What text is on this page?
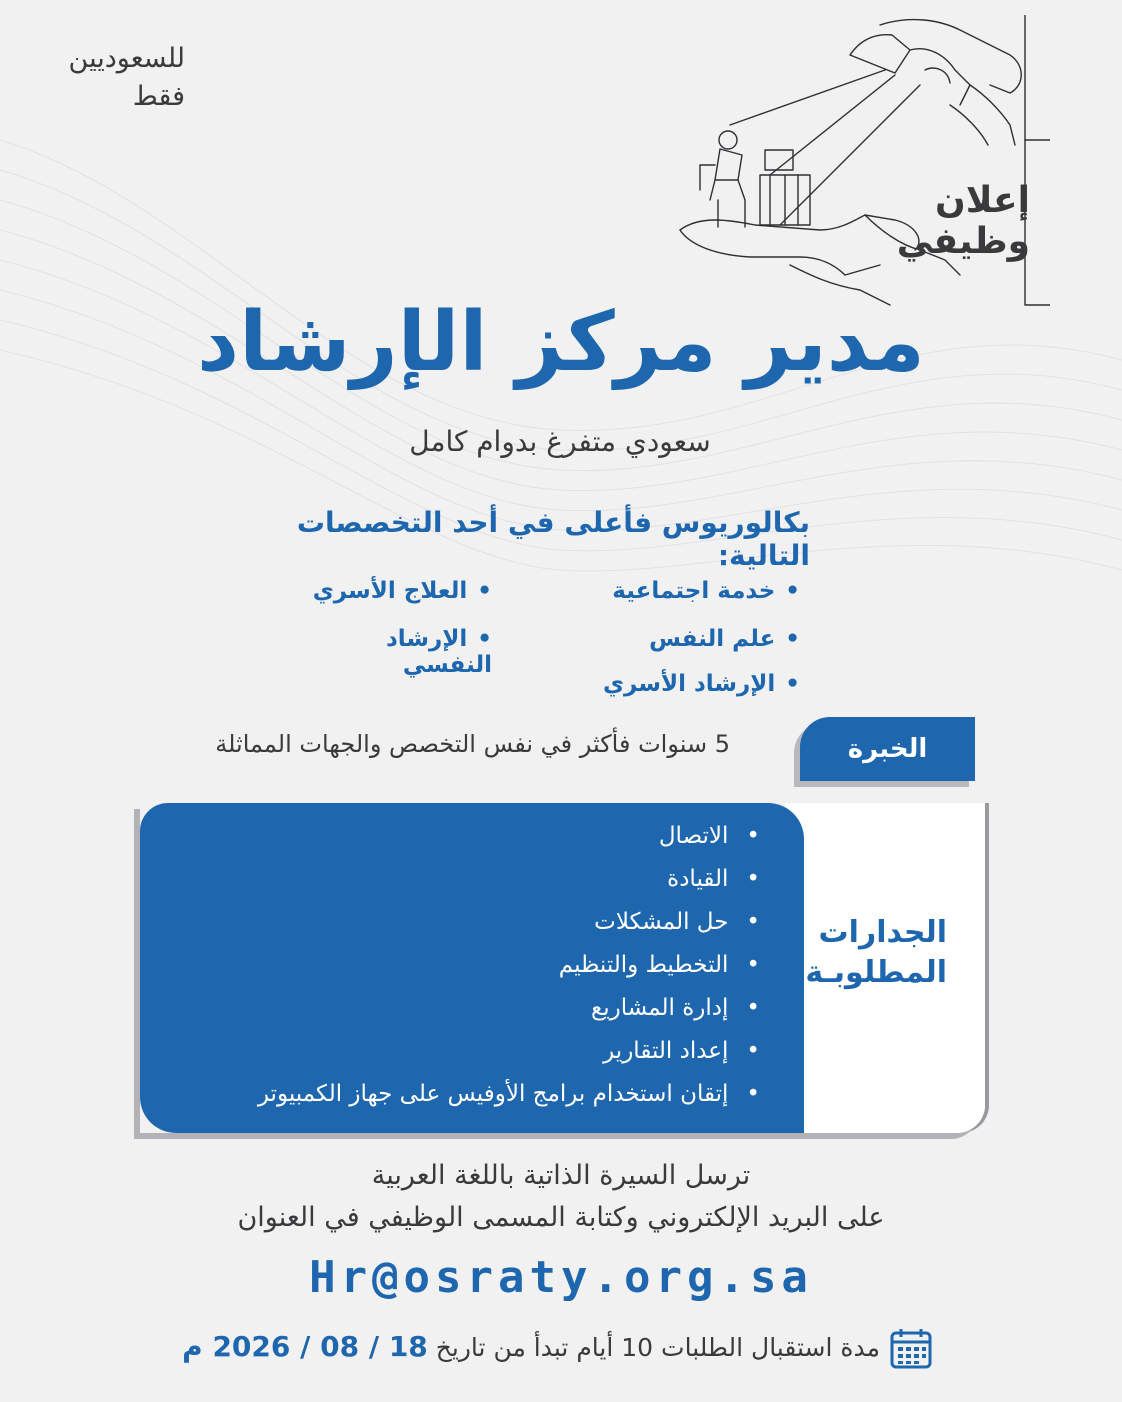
للسعوديين
فقط
إعلان وظيفي
مدير مركز الإرشاد
سعودي متفرغ بدوام كامل
بكالوريوس فأعلى في أحد التخصصات التالية:
• خدمة اجتماعية
• علم النفس
• الإرشاد الأسري
• العلاج الأسري
• الإرشاد النفسي
الخبرة
5 سنوات فأكثر في نفس التخصص والجهات المماثلة
الجدارات
المطلوبـة
• الاتصال
• القيادة
• حل المشكلات
• التخطيط والتنظيم
• إدارة المشاريع
• إعداد التقارير
• إتقان استخدام برامج الأوفيس على جهاز الكمبيوتر
ترسل السيرة الذاتية باللغة العربية
على البريد الإلكتروني وكتابة المسمى الوظيفي في العنوان
Hr@osraty.org.sa
مدة استقبال الطلبات 10 أيام تبدأ من تاريخ 18 / 08 / 2026 م
